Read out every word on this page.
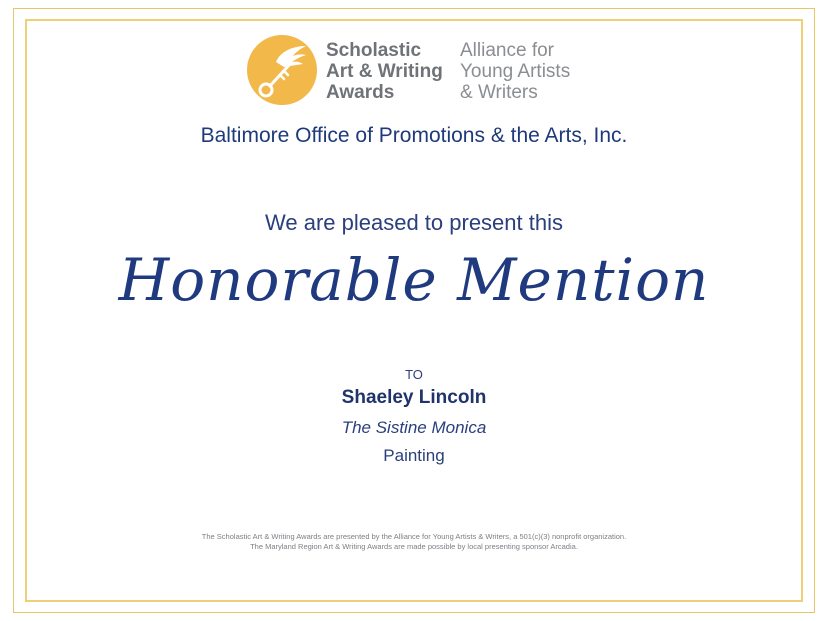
Scholastic
Art & Writing
Awards
Alliance for
Young Artists
& Writers
Baltimore Office of Promotions & the Arts, Inc.
We are pleased to present this
Honorable Mention
TO
Shaeley Lincoln
The Sistine Monica
Painting
The Scholastic Art & Writing Awards are presented by the Alliance for Young Artists & Writers, a 501(c)(3) nonprofit organization.
The Maryland Region Art & Writing Awards are made possible by local presenting sponsor Arcadia.
